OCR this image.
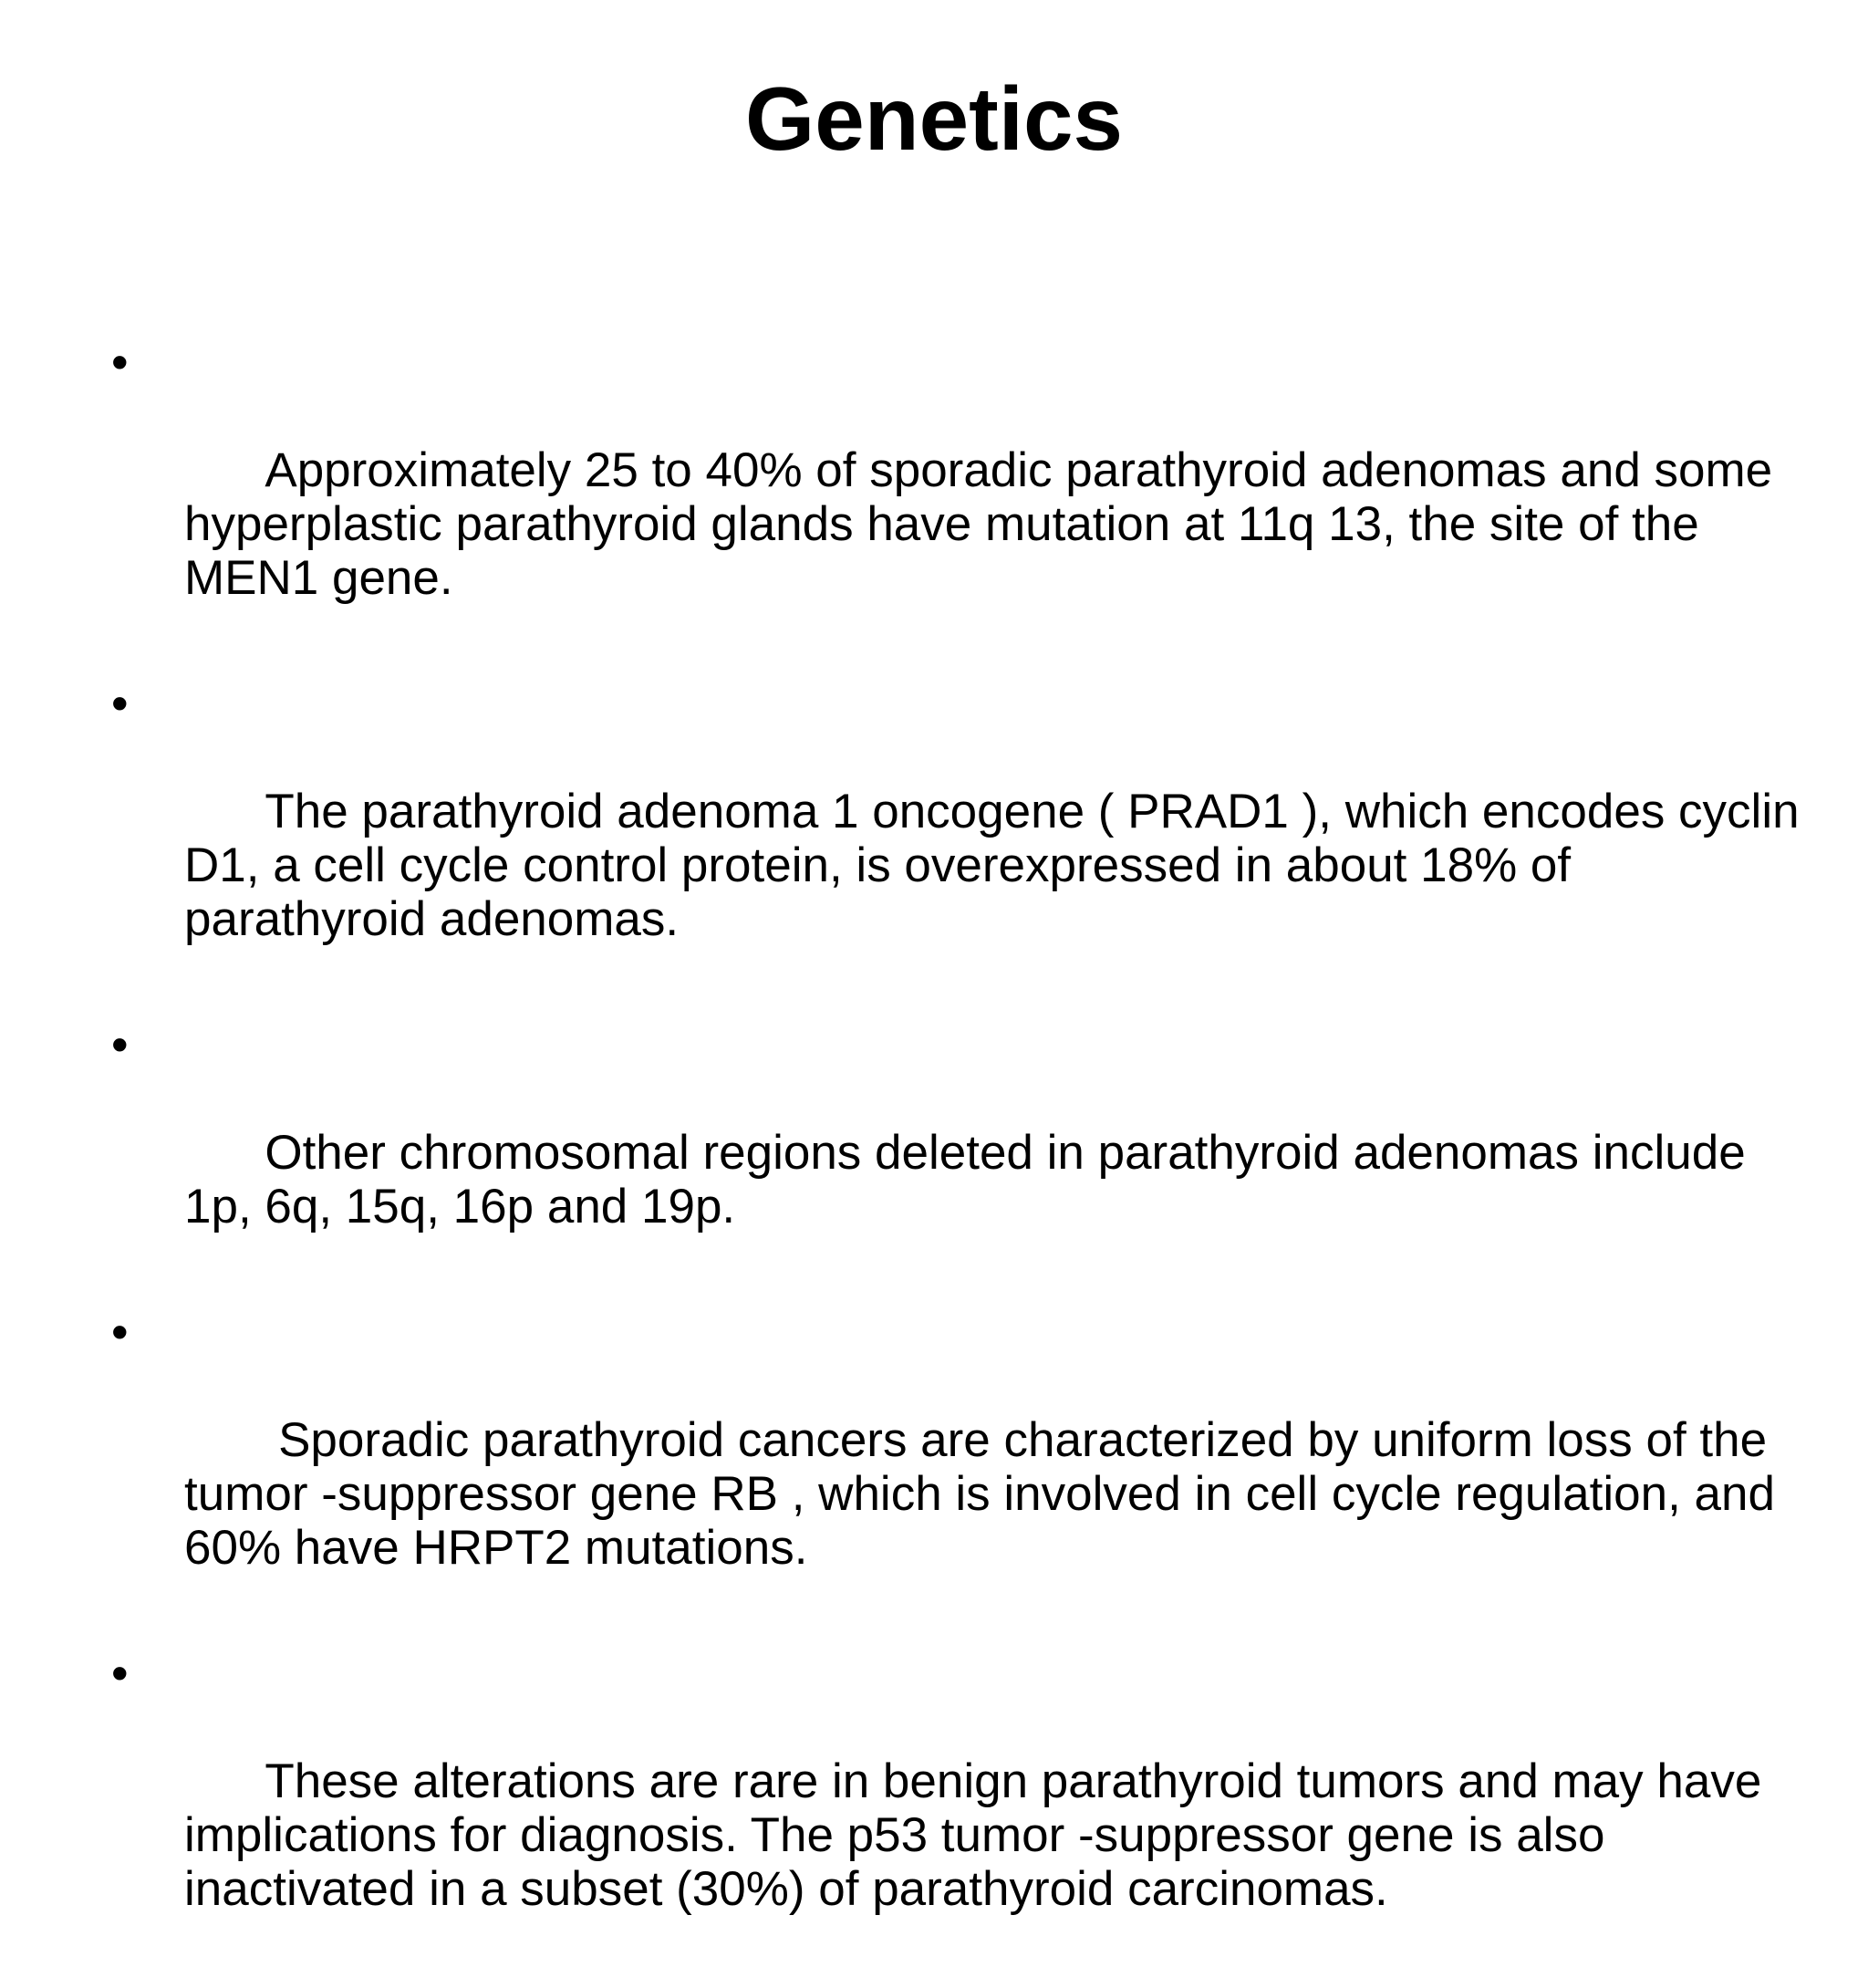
Genetics

•

Approximately 25 to 40% of sporadic parathyroid adenomas and some hyperplastic parathyroid glands have mutation at 11q 13, the site of the MEN1 gene.

•

The parathyroid adenoma 1 oncogene ( PRAD1 ), which encodes cyclin D1, a cell cycle control protein, is overexpressed in about 18% of parathyroid adenomas.

•

Other chromosomal regions deleted in parathyroid adenomas include 1p, 6q, 15q, 16p and 19p.

•

Sporadic parathyroid cancers are characterized by uniform loss of the tumor -suppressor gene RB , which is involved in cell cycle regulation, and 60% have HRPT2 mutations.

•

These alterations are rare in benign parathyroid tumors and may have implications for diagnosis. The p53 tumor -suppressor gene is also inactivated in a subset (30%) of parathyroid carcinomas.
